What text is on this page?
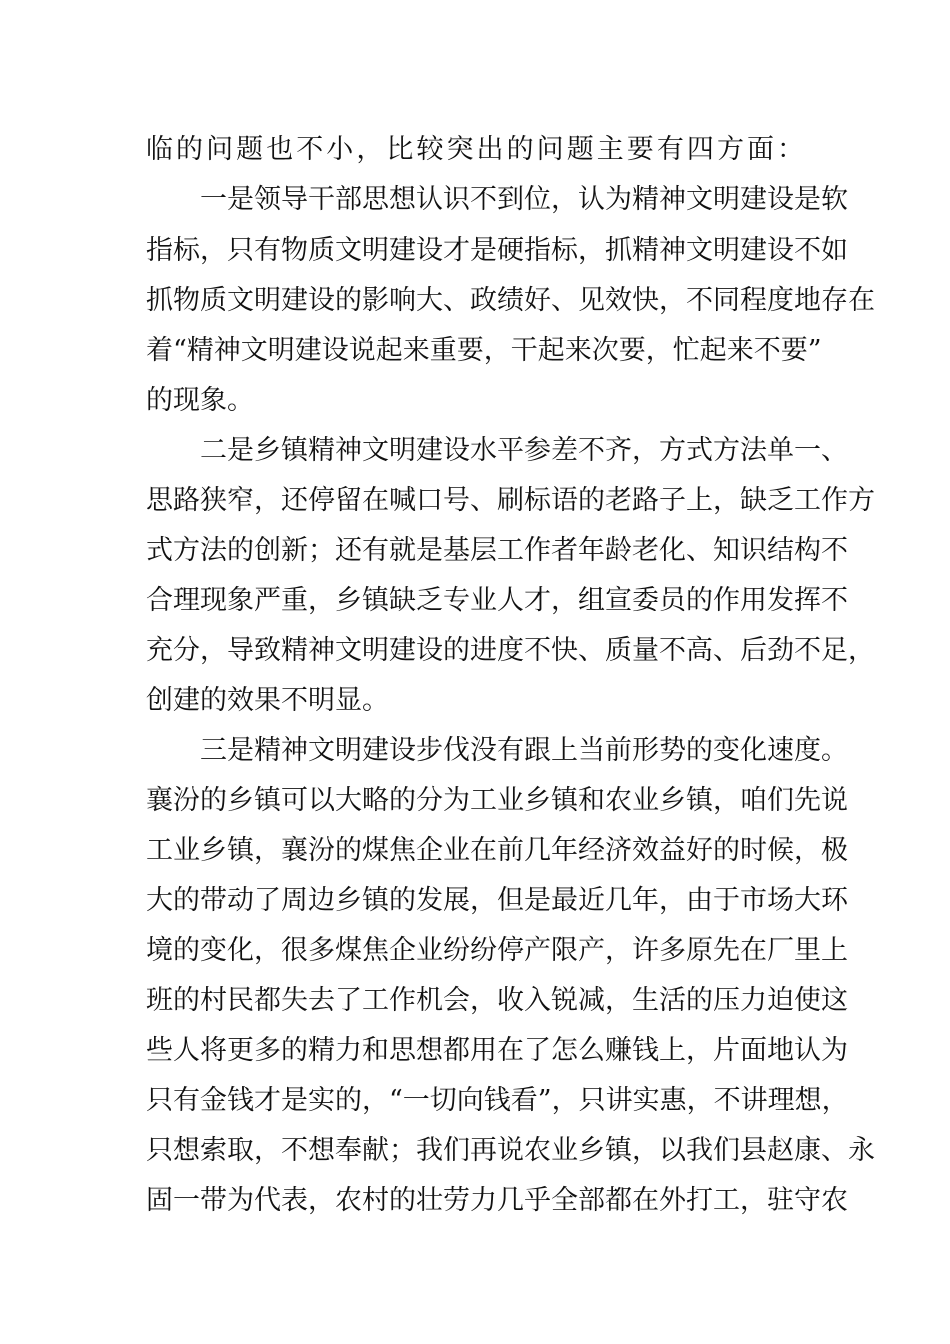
临的问题也不小，比较突出的问题主要有四方面：
一是领导干部思想认识不到位，认为精神文明建设是软
指标，只有物质文明建设才是硬指标，抓精神文明建设不如
抓物质文明建设的影响大、政绩好、见效快，不同程度地存在
着“精神文明建设说起来重要，干起来次要，忙起来不要”
的现象。
二是乡镇精神文明建设水平参差不齐，方式方法单一、
思路狭窄，还停留在喊口号、刷标语的老路子上，缺乏工作方
式方法的创新；还有就是基层工作者年龄老化、知识结构不
合理现象严重，乡镇缺乏专业人才，组宣委员的作用发挥不
充分，导致精神文明建设的进度不快、质量不高、后劲不足，
创建的效果不明显。
三是精神文明建设步伐没有跟上当前形势的变化速度。
襄汾的乡镇可以大略的分为工业乡镇和农业乡镇，咱们先说
工业乡镇，襄汾的煤焦企业在前几年经济效益好的时候，极
大的带动了周边乡镇的发展，但是最近几年，由于市场大环
境的变化，很多煤焦企业纷纷停产限产，许多原先在厂里上
班的村民都失去了工作机会，收入锐减，生活的压力迫使这
些人将更多的精力和思想都用在了怎么赚钱上，片面地认为
只有金钱才是实的，“一切向钱看”，只讲实惠，不讲理想，
只想索取，不想奉献；我们再说农业乡镇，以我们县赵康、永
固一带为代表，农村的壮劳力几乎全部都在外打工，驻守农
